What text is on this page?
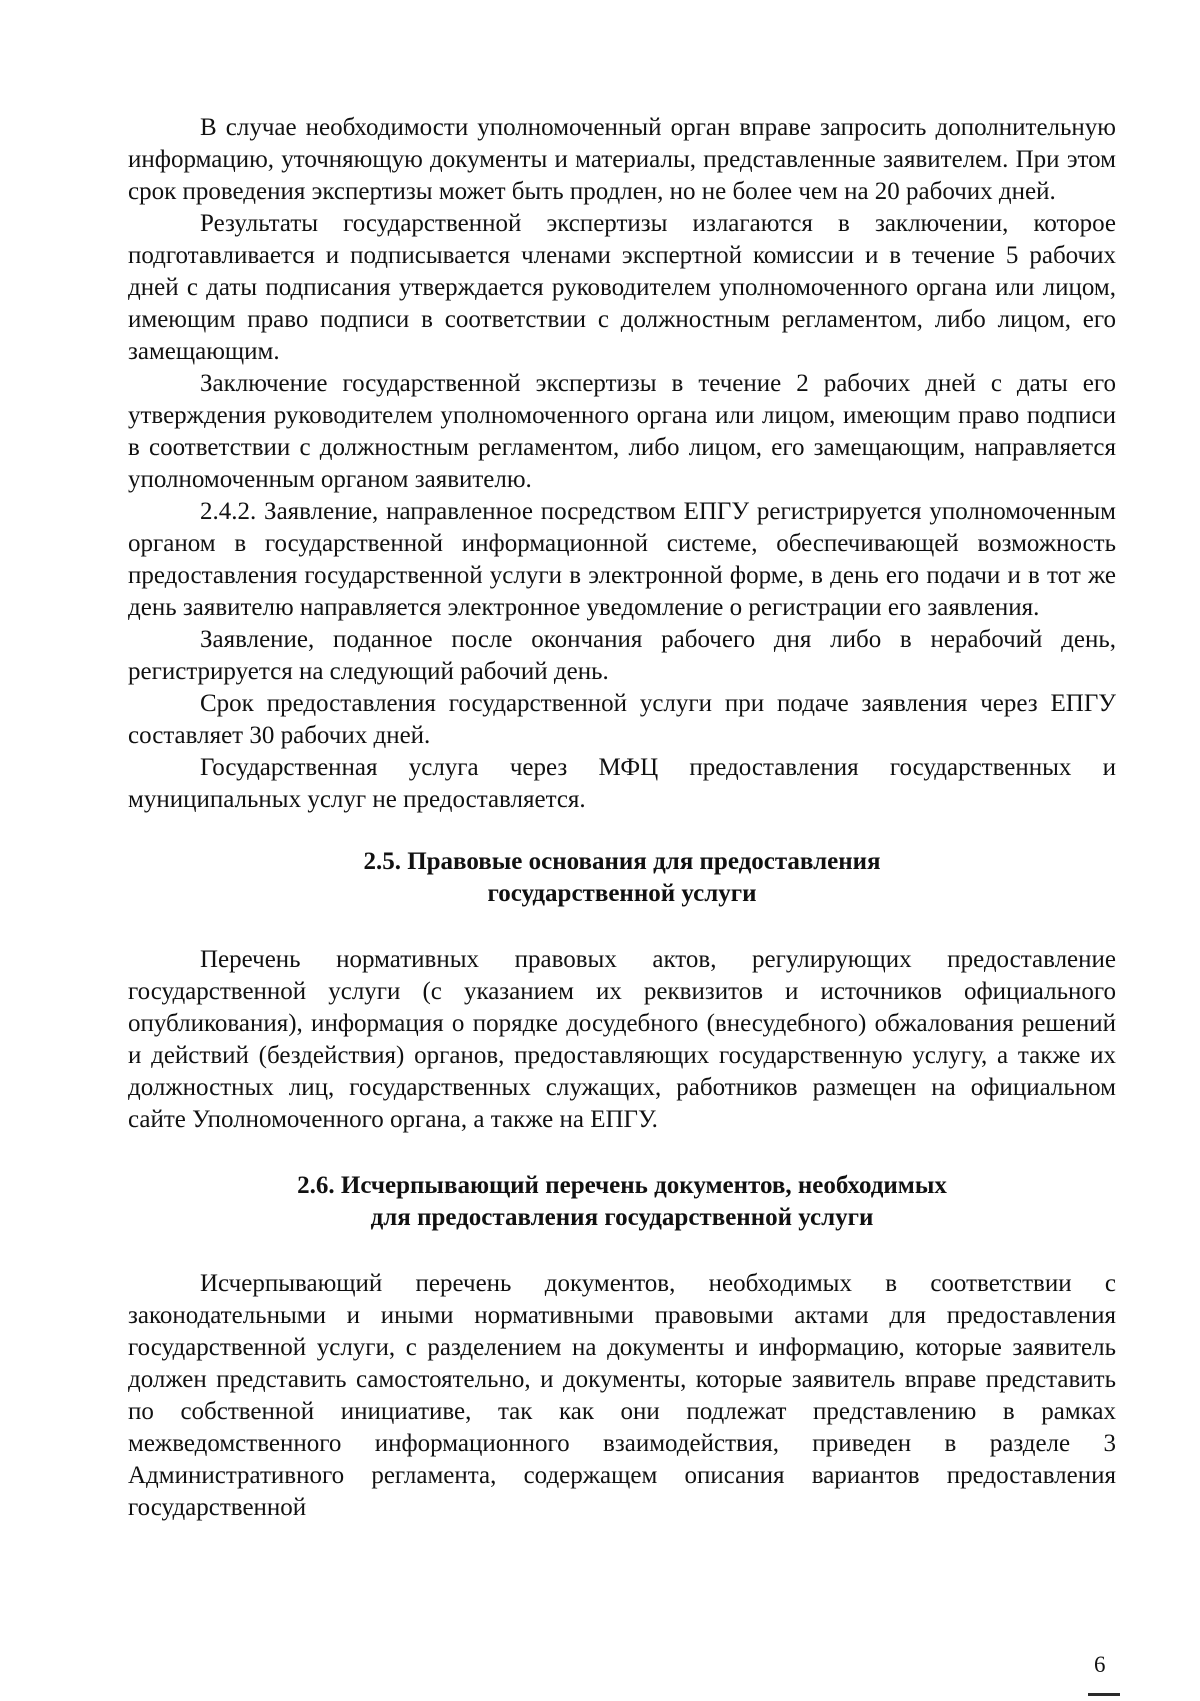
В случае необходимости уполномоченный орган вправе запросить дополнительную информацию, уточняющую документы и материалы, представленные заявителем. При этом срок проведения экспертизы может быть продлен, но не более чем на 20 рабочих дней.

Результаты государственной экспертизы излагаются в заключении, которое подготавливается и подписывается членами экспертной комиссии и в течение 5 рабочих дней с даты подписания утверждается руководителем уполномоченного органа или лицом, имеющим право подписи в соответствии с должностным регламентом, либо лицом, его замещающим.

Заключение государственной экспертизы в течение 2 рабочих дней с даты его утверждения руководителем уполномоченного органа или лицом, имеющим право подписи в соответствии с должностным регламентом, либо лицом, его замещающим, направляется уполномоченным органом заявителю.

2.4.2. Заявление, направленное посредством ЕПГУ регистрируется уполномоченным органом в государственной информационной системе, обеспечивающей возможность предоставления государственной услуги в электронной форме, в день его подачи и в тот же день заявителю направляется электронное уведомление о регистрации его заявления.

Заявление, поданное после окончания рабочего дня либо в нерабочий день, регистрируется на следующий рабочий день.

Срок предоставления государственной услуги при подаче заявления через ЕПГУ составляет 30 рабочих дней.

Государственная услуга через МФЦ предоставления государственных и муниципальных услуг не предоставляется.

2.5. Правовые основания для предоставления
государственной услуги

Перечень нормативных правовых актов, регулирующих предоставление государственной услуги (с указанием их реквизитов и источников официального опубликования), информация о порядке досудебного (внесудебного) обжалования решений и действий (бездействия) органов, предоставляющих государственную услугу, а также их должностных лиц, государственных служащих, работников размещен на официальном сайте Уполномоченного органа, а также на ЕПГУ.

2.6. Исчерпывающий перечень документов, необходимых
для предоставления государственной услуги

Исчерпывающий перечень документов, необходимых в соответствии с законодательными и иными нормативными правовыми актами для предоставления государственной услуги, с разделением на документы и информацию, которые заявитель должен представить самостоятельно, и документы, которые заявитель вправе представить по собственной инициативе, так как они подлежат представлению в рамках межведомственного информационного взаимодействия, приведен в разделе 3 Административного регламента, содержащем описания вариантов предоставления государственной

6
